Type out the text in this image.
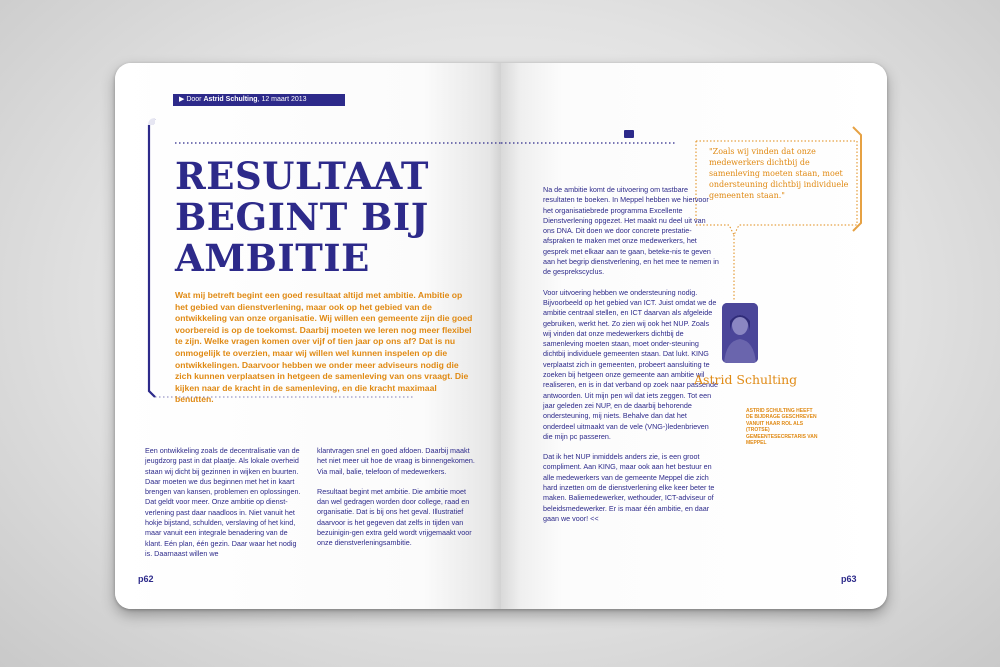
▶ Door Astrid Schulting, 12 maart 2013
RESULTAAT
BEGINT BIJ
AMBITIE

Wat mij betreft begint een goed resultaat altijd met ambitie. Ambitie op het gebied van dienstverlening, maar ook op het gebied van de ontwikkeling van onze organisatie. Wij willen een gemeente zijn die goed voorbereid is op de toekomst. Daarbij moeten we leren nog meer flexibel te zijn. Welke vragen komen over vijf of tien jaar op ons af? Dat is nu onmogelijk te overzien, maar wij willen wel kunnen inspelen op die ontwikkelingen. Daarvoor hebben we onder meer adviseurs nodig die zich kunnen verplaatsen in hetgeen de samenleving van ons vraagt. Die kijken naar de kracht in de samenleving, en die kracht maximaal benutten.

Een ontwikkeling zoals de decentralisatie van de jeugdzorg past in dat plaatje. Als lokale overheid staan wij dicht bij gezinnen in wijken en buurten. Daar moeten we dus beginnen met het in kaart brengen van kansen, problemen en oplossingen. Dat geldt voor meer. Onze ambitie op dienst-verlening past daar naadloos in. Niet vanuit het hokje bijstand, schulden, verslaving of het kind, maar vanuit een integrale benadering van de klant. Eén plan, één gezin. Daar waar het nodig is. Daarnaast willen we

klantvragen snel en goed afdoen. Daarbij maakt het niet meer uit hoe de vraag is binnengekomen. Via mail, balie, telefoon of medewerkers.

Resultaat begint met ambitie. Die ambitie moet dan wel gedragen worden door college, raad en organisatie. Dat is bij ons het geval. Illustratief daarvoor is het gegeven dat zelfs in tijden van bezuinigin-gen extra geld wordt vrijgemaakt voor onze dienstverleningsambitie.

p62

Na de ambitie komt de uitvoering om tastbare resultaten te boeken. In Meppel hebben we hiervoor het organisatiebrede programma Excellente Dienstverlening opgezet. Het maakt nu deel uit van ons DNA. Dit doen we door concrete prestatie-afspraken te maken met onze medewerkers, het gesprek met elkaar aan te gaan, beteke-nis te geven aan het begrip dienstverlening, en het mee te nemen in de gesprekscyclus.

Voor uitvoering hebben we ondersteuning nodig. Bijvoorbeeld op het gebied van ICT. Juist omdat we de ambitie centraal stellen, en ICT daarvan als afgeleide gebruiken, werkt het. Zo zien wij ook het NUP. Zoals wij vinden dat onze medewerkers dichtbij de samenleving moeten staan, moet onder-steuning dichtbij individuele gemeenten staan. Dat lukt. KING verplaatst zich in gemeenten, probeert aansluiting te zoeken bij hetgeen onze gemeente aan ambitie wil realiseren, en is in dat verband op zoek naar passende antwoorden. Uit mijn pen wil dat iets zeggen. Tot een jaar geleden zei NUP, en de daarbij behorende ondersteuning, mij niets. Behalve dan dat het onderdeel uitmaakt van de vele (VNG-)ledenbrieven die mijn pc passeren.

Dat ik het NUP inmiddels anders zie, is een groot compliment. Aan KING, maar ook aan het bestuur en alle medewerkers van de gemeente Meppel die zich hard inzetten om de dienstverlening elke keer beter te maken. Baliemedewerker, wethouder, ICT-adviseur of beleidsmedewerker. Er is maar één ambitie, en daar gaan we voor! <<

"Zoals wij vinden dat onze medewerkers dichtbij de samenleving moeten staan, moet ondersteuning dichtbij individuele gemeenten staan."

Astrid Schulting

ASTRID SCHULTING HEEFT DE BIJDRAGE GESCHREVEN VANUIT HAAR ROL ALS (TROTSE) GEMEENTESECRETARIS VAN MEPPEL

p63
